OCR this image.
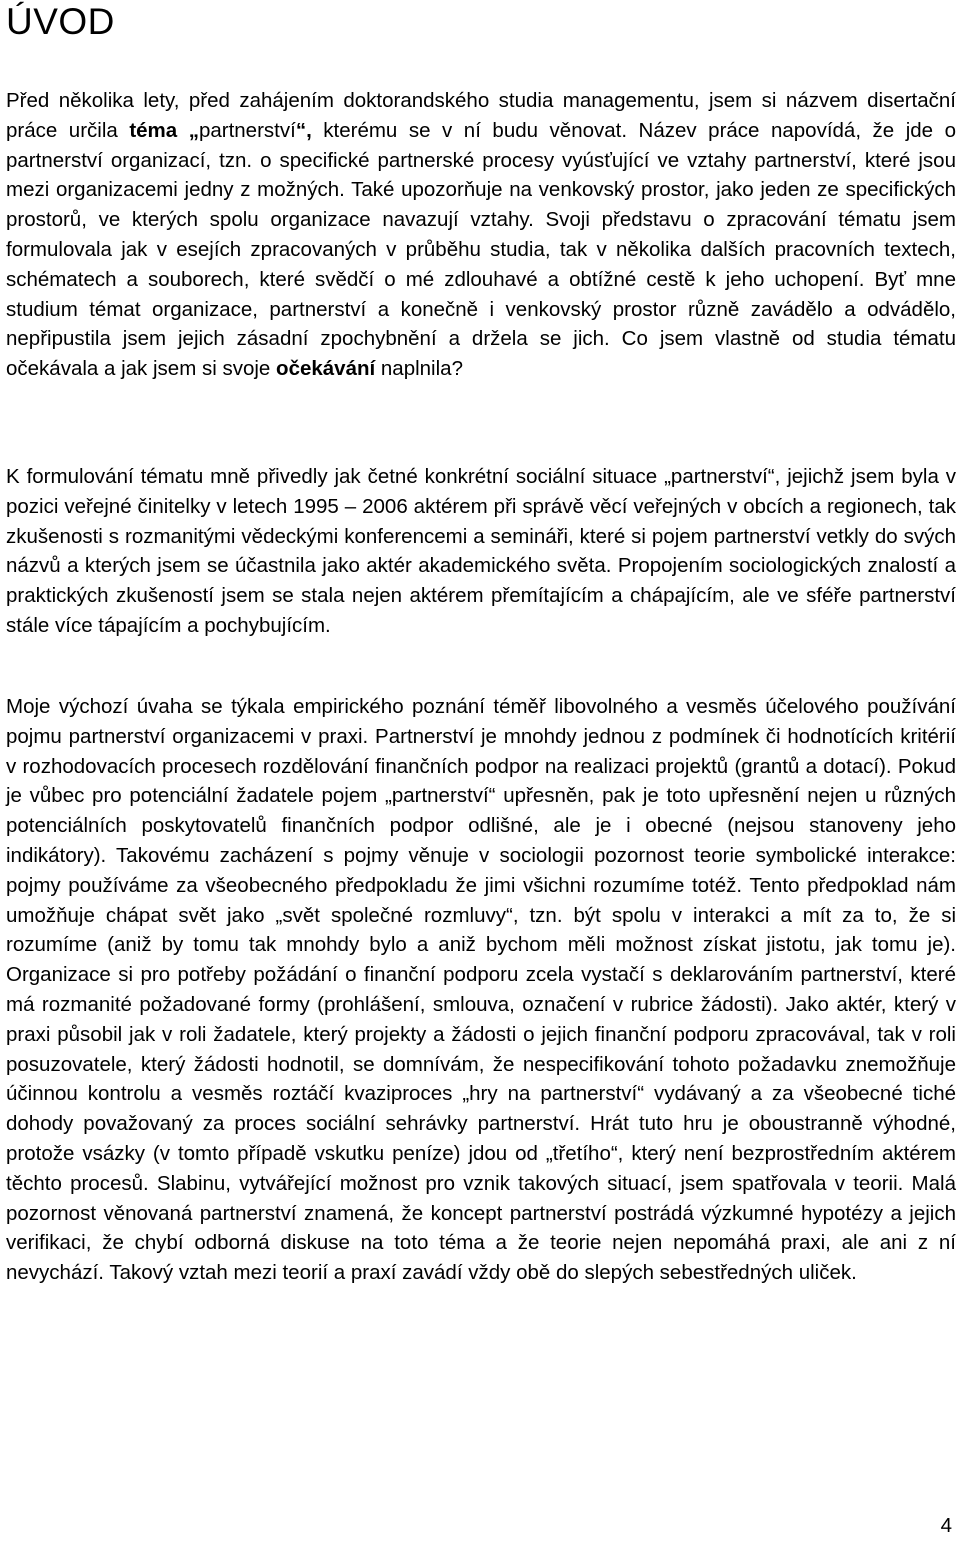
ÚVOD

Před několika lety, před zahájením doktorandského studia managementu, jsem si názvem disertační práce určila téma „partnerství“, kterému se v ní budu věnovat. Název práce napovídá, že jde o partnerství organizací, tzn. o specifické partnerské procesy vyúsťující ve vztahy partnerství, které jsou mezi organizacemi jedny z možných. Také upozorňuje na venkovský prostor, jako jeden ze specifických prostorů, ve kterých spolu organizace navazují vztahy. Svoji představu o zpracování tématu jsem formulovala jak v esejích zpracovaných v průběhu studia, tak v několika dalších pracovních textech, schématech a souborech, které svědčí o mé zdlouhavé a obtížné cestě k jeho uchopení. Byť mne studium témat organizace, partnerství a konečně i venkovský prostor různě zavádělo a odvádělo, nepřipustila jsem jejich zásadní zpochybnění a držela se jich. Co jsem vlastně od studia tématu očekávala a jak jsem si svoje očekávání naplnila?

K formulování tématu mně přivedly jak četné konkrétní sociální situace „partnerství“, jejichž jsem byla v pozici veřejné činitelky v letech 1995 – 2006 aktérem při správě věcí veřejných v obcích a regionech, tak zkušenosti s rozmanitými vědeckými konferencemi a semináři, které si pojem partnerství vetkly do svých názvů a kterých jsem se účastnila jako aktér akademického světa. Propojením sociologických znalostí a praktických zkušeností jsem se stala nejen aktérem přemítajícím a chápajícím, ale ve sféře partnerství stále více tápajícím a pochybujícím.

Moje výchozí úvaha se týkala empirického poznání téměř libovolného a vesměs účelového používání pojmu partnerství organizacemi v praxi. Partnerství je mnohdy jednou z podmínek či hodnotících kritérií v rozhodovacích procesech rozdělování finančních podpor na realizaci projektů (grantů a dotací). Pokud je vůbec pro potenciální žadatele pojem „partnerství“ upřesněn, pak je toto upřesnění nejen u různých potenciálních poskytovatelů finančních podpor odlišné, ale je i obecné (nejsou stanoveny jeho indikátory). Takovému zacházení s pojmy věnuje v sociologii pozornost teorie symbolické interakce: pojmy používáme za všeobecného předpokladu že jimi všichni rozumíme totéž. Tento předpoklad nám umožňuje chápat svět jako „svět společné rozmluvy“, tzn. být spolu v interakci a mít za to, že si rozumíme (aniž by tomu tak mnohdy bylo a aniž bychom měli možnost získat jistotu, jak tomu je). Organizace si pro potřeby požádání o finanční podporu zcela vystačí s deklarováním partnerství, které má rozmanité požadované formy (prohlášení, smlouva, označení v rubrice žádosti). Jako aktér, který v praxi působil jak v roli žadatele, který projekty a žádosti o jejich finanční podporu zpracovával, tak v roli posuzovatele, který žádosti hodnotil, se domnívám, že nespecifikování tohoto požadavku znemožňuje účinnou kontrolu a vesměs roztáčí kvaziproces „hry na partnerství“ vydávaný a za všeobecné tiché dohody považovaný za proces sociální sehrávky partnerství. Hrát tuto hru je oboustranně výhodné, protože vsázky (v tomto případě vskutku peníze) jdou od „třetího“, který není bezprostředním aktérem těchto procesů. Slabinu, vytvářející možnost pro vznik takových situací, jsem spatřovala v teorii. Malá pozornost věnovaná partnerství znamená, že koncept partnerství postrádá výzkumné hypotézy a jejich verifikaci, že chybí odborná diskuse na toto téma a že teorie nejen nepomáhá praxi, ale ani z ní nevychází. Takový vztah mezi teorií a praxí zavádí vždy obě do slepých sebestředných uliček.

4
